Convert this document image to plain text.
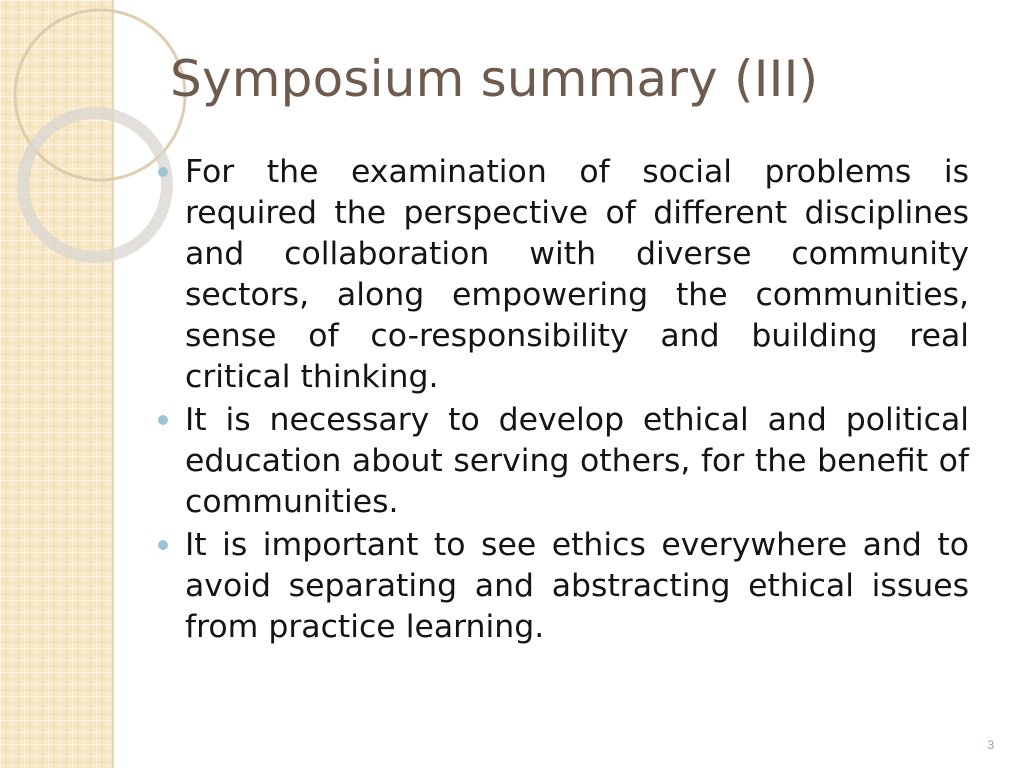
Symposium summary (III)
For the examination of social problems is required the perspective of different disciplines and collaboration with diverse community sectors, along empowering the communities, sense of co-responsibility and building real critical thinking.
It is necessary to develop ethical and political education about serving others, for the benefit of communities.
It is important to see ethics everywhere and to avoid separating and abstracting ethical issues from practice learning.
3
